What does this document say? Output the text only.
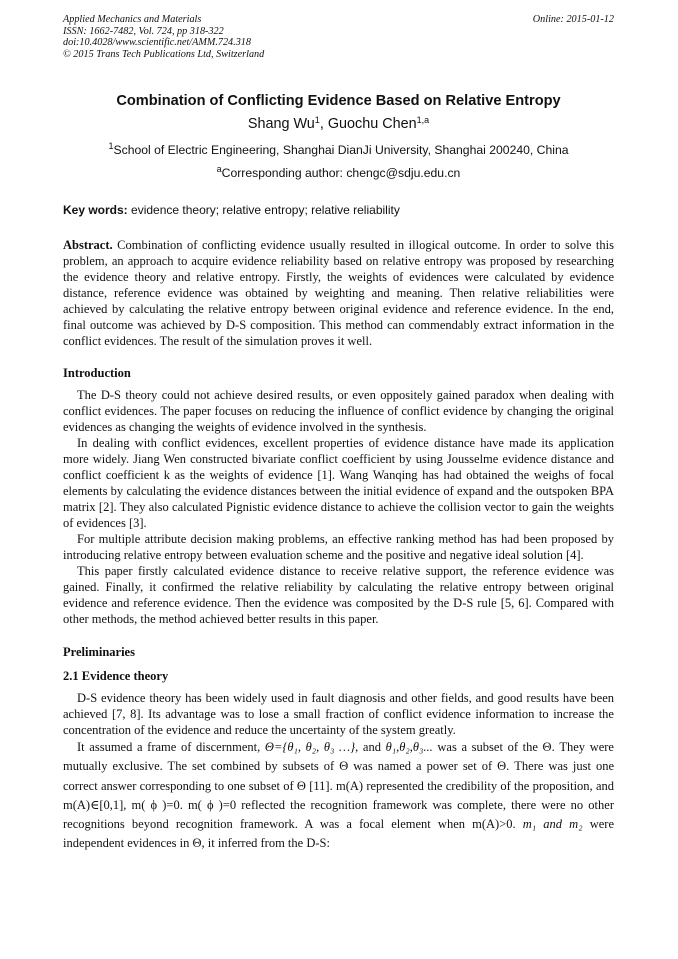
Applied Mechanics and Materials
ISSN: 1662-7482, Vol. 724, pp 318-322
doi:10.4028/www.scientific.net/AMM.724.318
© 2015 Trans Tech Publications Ltd, Switzerland
Online: 2015-01-12
Combination of Conflicting Evidence Based on Relative Entropy
Shang Wu$^1$, Guochu Chen$^{1,a}$
$^1$School of Electric Engineering, Shanghai DianJi University, Shanghai 200240, China
$^a$Corresponding author: chengc@sdju.edu.cn
Key words: evidence theory; relative entropy; relative reliability

Abstract. Combination of conflicting evidence usually resulted in illogical outcome. In order to solve this problem, an approach to acquire evidence reliability based on relative entropy was proposed by researching the evidence theory and relative entropy. Firstly, the weights of evidences were calculated by evidence distance, reference evidence was obtained by weighting and meaning. Then relative reliabilities were achieved by calculating the relative entropy between original evidence and reference evidence. In the end, final outcome was achieved by D-S composition. This method can commendably extract information in the conflict evidences. The result of the simulation proves it well.

Introduction

The D-S theory could not achieve desired results, or even oppositely gained paradox when dealing with conflict evidences. The paper focuses on reducing the influence of conflict evidence by changing the original evidences as changing the weights of evidence involved in the synthesis.

In dealing with conflict evidences, excellent properties of evidence distance have made its application more widely. Jiang Wen constructed bivariate conflict coefficient by using Jousselme evidence distance and conflict coefficient k as the weights of evidence [1]. Wang Wanqing has had obtained the weighs of focal elements by calculating the evidence distances between the initial evidence of expand and the outspoken BPA matrix [2]. They also calculated Pignistic evidence distance to achieve the collision vector to gain the weights of evidences [3].

For multiple attribute decision making problems, an effective ranking method has had been proposed by introducing relative entropy between evaluation scheme and the positive and negative ideal solution [4].

This paper firstly calculated evidence distance to receive relative support, the reference evidence was gained. Finally, it confirmed the relative reliability by calculating the relative entropy between original evidence and reference evidence. Then the evidence was composited by the D-S rule [5, 6]. Compared with other methods, the method achieved better results in this paper.

Preliminaries
2.1 Evidence theory

D-S evidence theory has been widely used in fault diagnosis and other fields, and good results have been achieved [7, 8]. Its advantage was to lose a small fraction of conflict evidence information to increase the concentration of the evidence and reduce the uncertainty of the system greatly.

It assumed a frame of discernment, Θ={θ₁, θ₂, θ₃ …}, and θ₁,θ₂,θ₃... was a subset of the Θ. They were mutually exclusive. The set combined by subsets of Θ was named a power set of Θ. There was just one correct answer corresponding to one subset of Θ [11]. m(A) represented the credibility of the proposition, and m(A)∈[0,1], m( ϕ )=0. m( ϕ )=0 reflected the recognition framework was complete, there were no other recognitions beyond recognition framework. A was a focal element when m(A)>0. m₁ and m₂ were independent evidences in Θ, it inferred from the D-S:
